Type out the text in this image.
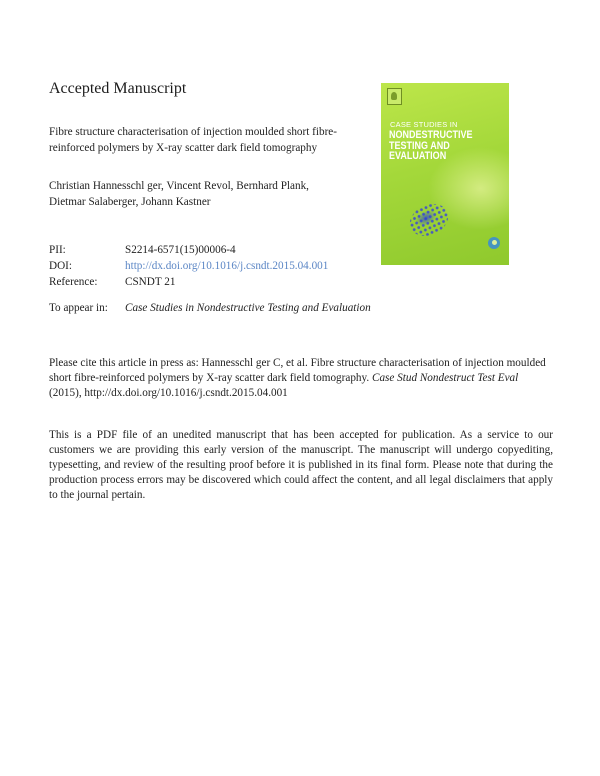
Accepted Manuscript
Fibre structure characterisation of injection moulded short fibre-reinforced polymers by X-ray scatter dark field tomography
Christian Hannesschl ger, Vincent Revol, Bernhard Plank,
Dietmar Salaberger, Johann Kastner
PII:	S2214-6571(15)00006-4
DOI:	http://dx.doi.org/10.1016/j.csndt.2015.04.001
Reference:	CSNDT 21
To appear in:	Case Studies in Nondestructive Testing and Evaluation
Please cite this article in press as: Hannesschl ger C, et al. Fibre structure characterisation of injection moulded short fibre-reinforced polymers by X-ray scatter dark field tomography. Case Stud Nondestruct Test Eval (2015), http://dx.doi.org/10.1016/j.csndt.2015.04.001
This is a PDF file of an unedited manuscript that has been accepted for publication. As a service to our customers we are providing this early version of the manuscript. The manuscript will undergo copyediting, typesetting, and review of the resulting proof before it is published in its final form. Please note that during the production process errors may be discovered which could affect the content, and all legal disclaimers that apply to the journal pertain.
CASE STUDIES IN
NONDESTRUCTIVE
TESTING AND
EVALUATION
